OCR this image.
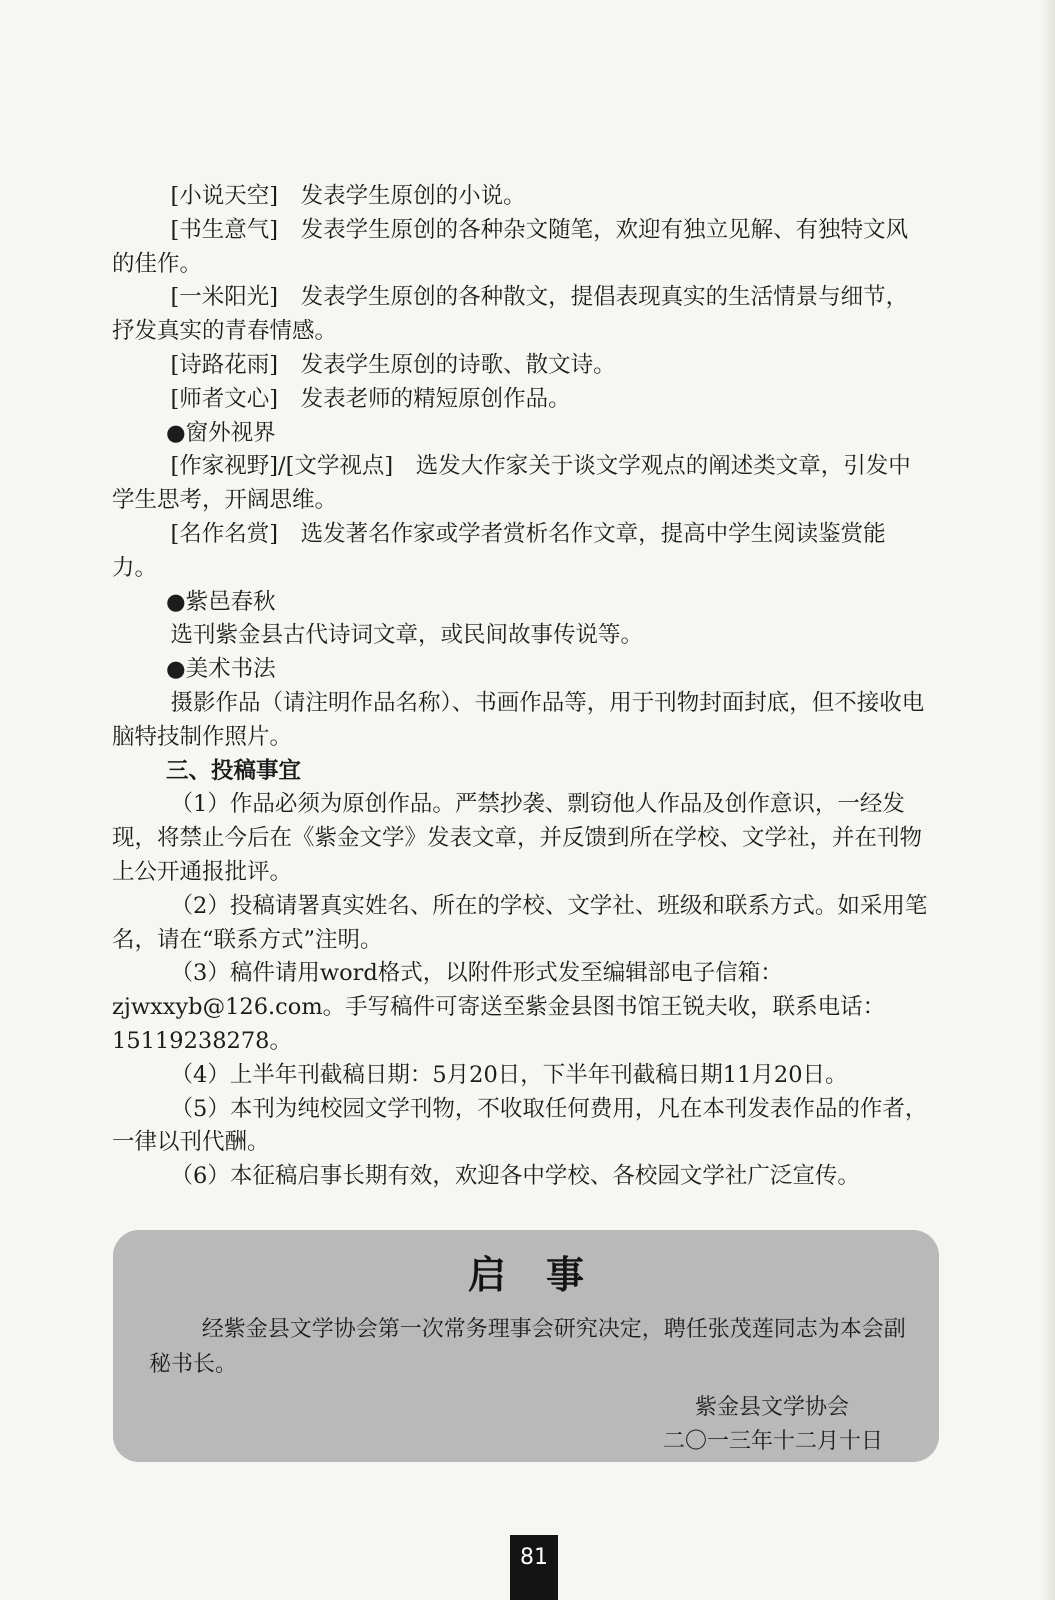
[小说天空]　 发表学生原创的小说。

[书生意气]　 发表学生原创的各种杂文随笔，欢迎有独立见解、有独特文风的佳作。

[一米阳光]　 发表学生原创的各种散文，提倡表现真实的生活情景与细节，抒发真实的青春情感。

[诗路花雨]　 发表学生原创的诗歌、散文诗。

[师者文心]　 发表老师的精短原创作品。

●窗外视界

[作家视野]/[文学视点]　 选发大作家关于谈文学观点的阐述类文章，引发中学生思考，开阔思维。

[名作名赏]　 选发著名作家或学者赏析名作文章，提高中学生阅读鉴赏能力。

●紫邑春秋

选刊紫金县古代诗词文章，或民间故事传说等。

●美术书法

摄影作品（请注明作品名称）、书画作品等，用于刊物封面封底，但不接收电脑特技制作照片。

三、投稿事宜

（1）作品必须为原创作品。严禁抄袭、剽窃他人作品及创作意识，一经发现，将禁止今后在《紫金文学》发表文章，并反馈到所在学校、文学社，并在刊物上公开通报批评。

（2）投稿请署真实姓名、所在的学校、文学社、班级和联系方式。如采用笔名，请在“联系方式”注明。

（3）稿件请用word格式，以附件形式发至编辑部电子信箱：zjwxxyb@126.com。手写稿件可寄送至紫金县图书馆王锐夫收，联系电话：15119238278。

（4）上半年刊截稿日期：5月20日，下半年刊截稿日期11月20日。

（5）本刊为纯校园文学刊物，不收取任何费用，凡在本刊发表作品的作者，一律以刊代酬。

（6）本征稿启事长期有效，欢迎各中学校、各校园文学社广泛宣传。

启事
经紫金县文学协会第一次常务理事会研究决定，聘任张茂莲同志为本会副秘书长。
紫金县文学协会
二〇一三年十二月十日
81
